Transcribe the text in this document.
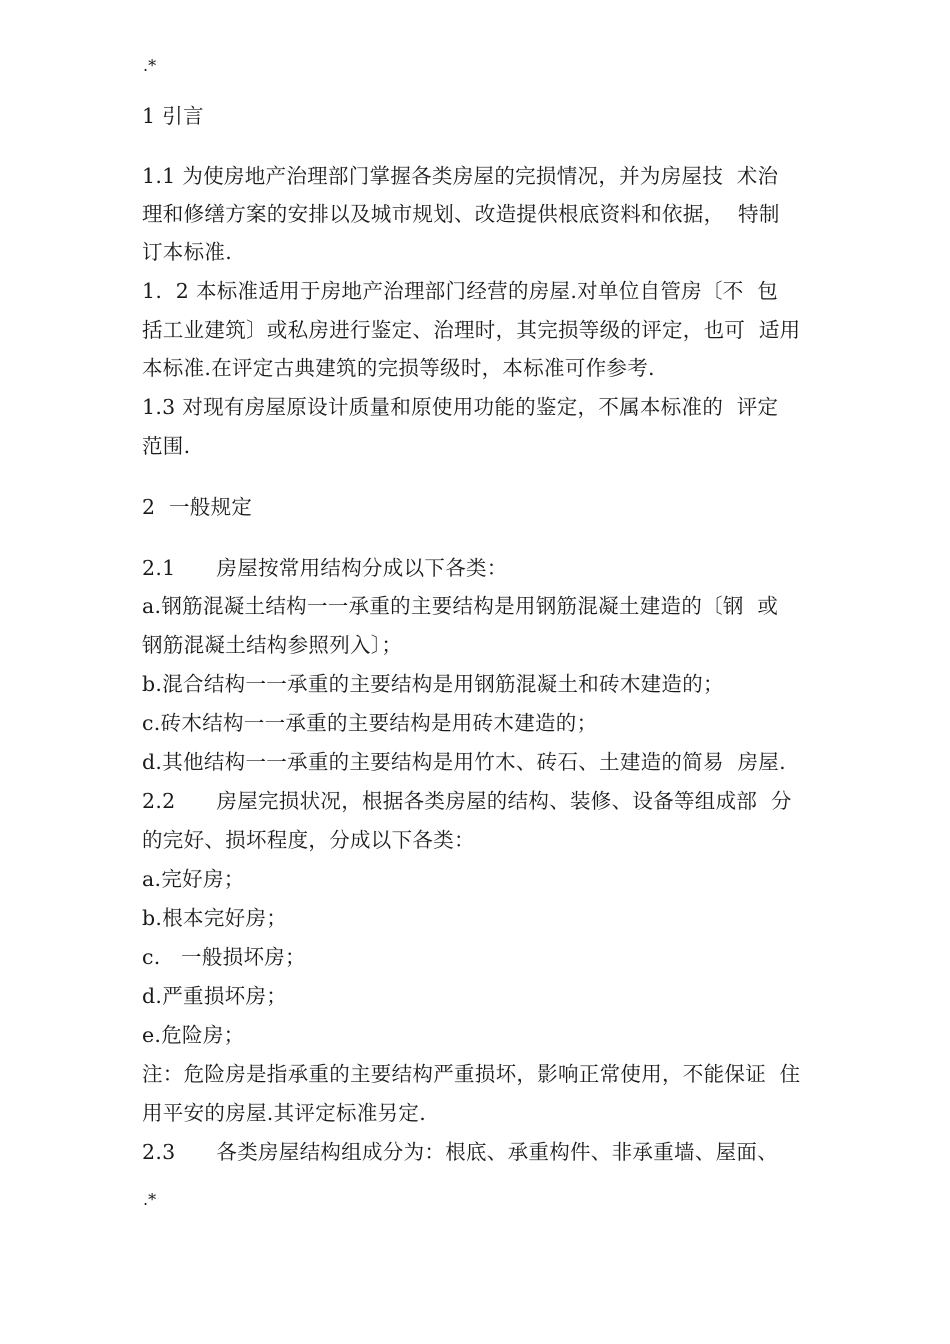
.*
1 引言
1.1 为使房地产治理部门掌握各类房屋的完损情况，并为房屋技  术治
理和修缮方案的安排以及城市规划、改造提供根底资料和依据，  特制
订本标准.
1.  2 本标准适用于房地产治理部门经营的房屋.对单位自管房〔不  包
括工业建筑〕或私房进行鉴定、治理时，其完损等级的评定，也可  适用
本标准.在评定古典建筑的完损等级时，本标准可作参考.
1.3 对现有房屋原设计质量和原使用功能的鉴定，不属本标准的  评定
范围.
2  一般规定
2.1      房屋按常用结构分成以下各类：
a.钢筋混凝土结构一一承重的主要结构是用钢筋混凝土建造的〔钢  或
钢筋混凝土结构参照列入〕；
b.混合结构一一承重的主要结构是用钢筋混凝土和砖木建造的；
c.砖木结构一一承重的主要结构是用砖木建造的；
d.其他结构一一承重的主要结构是用竹木、砖石、土建造的简易  房屋.
2.2      房屋完损状况，根据各类房屋的结构、装修、设备等组成部  分
的完好、损坏程度，分成以下各类：
a.完好房；
b.根本完好房；
c.   一般损坏房；
d.严重损坏房；
e.危险房；
注：危险房是指承重的主要结构严重损坏，影响正常使用，不能保证  住
用平安的房屋.其评定标准另定.
2.3      各类房屋结构组成分为：根底、承重构件、非承重墙、屋面、
.*
